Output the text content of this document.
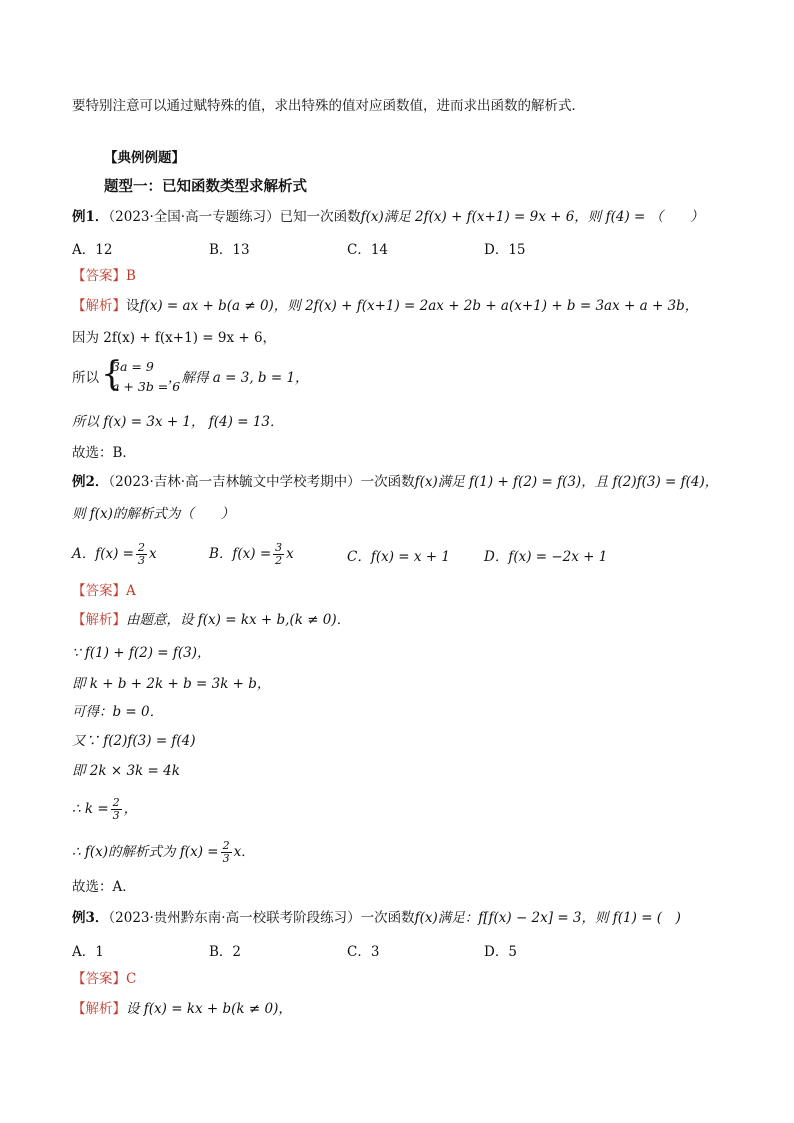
要特别注意可以通过赋特殊的值，求出特殊的值对应函数值，进而求出函数的解析式．
【典例例题】
题型一：已知函数类型求解析式
例1．（2023·全国·高一专题练习）已知一次函数f(x)满足 2f(x) + f(x+1) = 9x + 6，则 f(4) = （　　）
A．12	B．13	C．14	D．15
【答案】B
【解析】设f(x) = ax + b(a ≠ 0)，则 2f(x) + f(x+1) = 2ax + 2b + a(x+1) + b = 3ax + a + 3b，
因为 2f(x) + f(x+1) = 9x + 6，
所以 {
3a = 9
a + 3b = 6
，解得 a = 3, b = 1，
所以 f(x) = 3x + 1， f(4) = 13．
故选：B．
例2．（2023·吉林·高一吉林毓文中学校考期中）一次函数f(x)满足 f(1) + f(2) = f(3)，且 f(2)f(3) = f(4)，
则 f(x)的解析式为（　　）
A．$f(x) = \frac{2}{3}$ x	B．$f(x) = \frac{3}{2}$ x	C．f(x) = x + 1	D．f(x) = −2x + 1
【答案】A
【解析】由题意，设 f(x) = kx + b,(k ≠ 0)．
∵ f(1) + f(2) = f(3)，
即 k + b + 2k + b = 3k + b，
可得：b = 0．
又∵ f(2)f(3) = f(4)
即 2k × 3k = 4k
∴ $k = \frac{2}{3}$ ，
∴ f(x)的解析式为 $f(x) = \frac{2}{3}$ x．
故选：A．
例3．（2023·贵州黔东南·高一校联考阶段练习）一次函数f(x)满足：f[f(x) − 2x] = 3，则 f(1) = (　)
A．1	B．2	C．3	D．5
【答案】C
【解析】设 f(x) = kx + b(k ≠ 0)，
